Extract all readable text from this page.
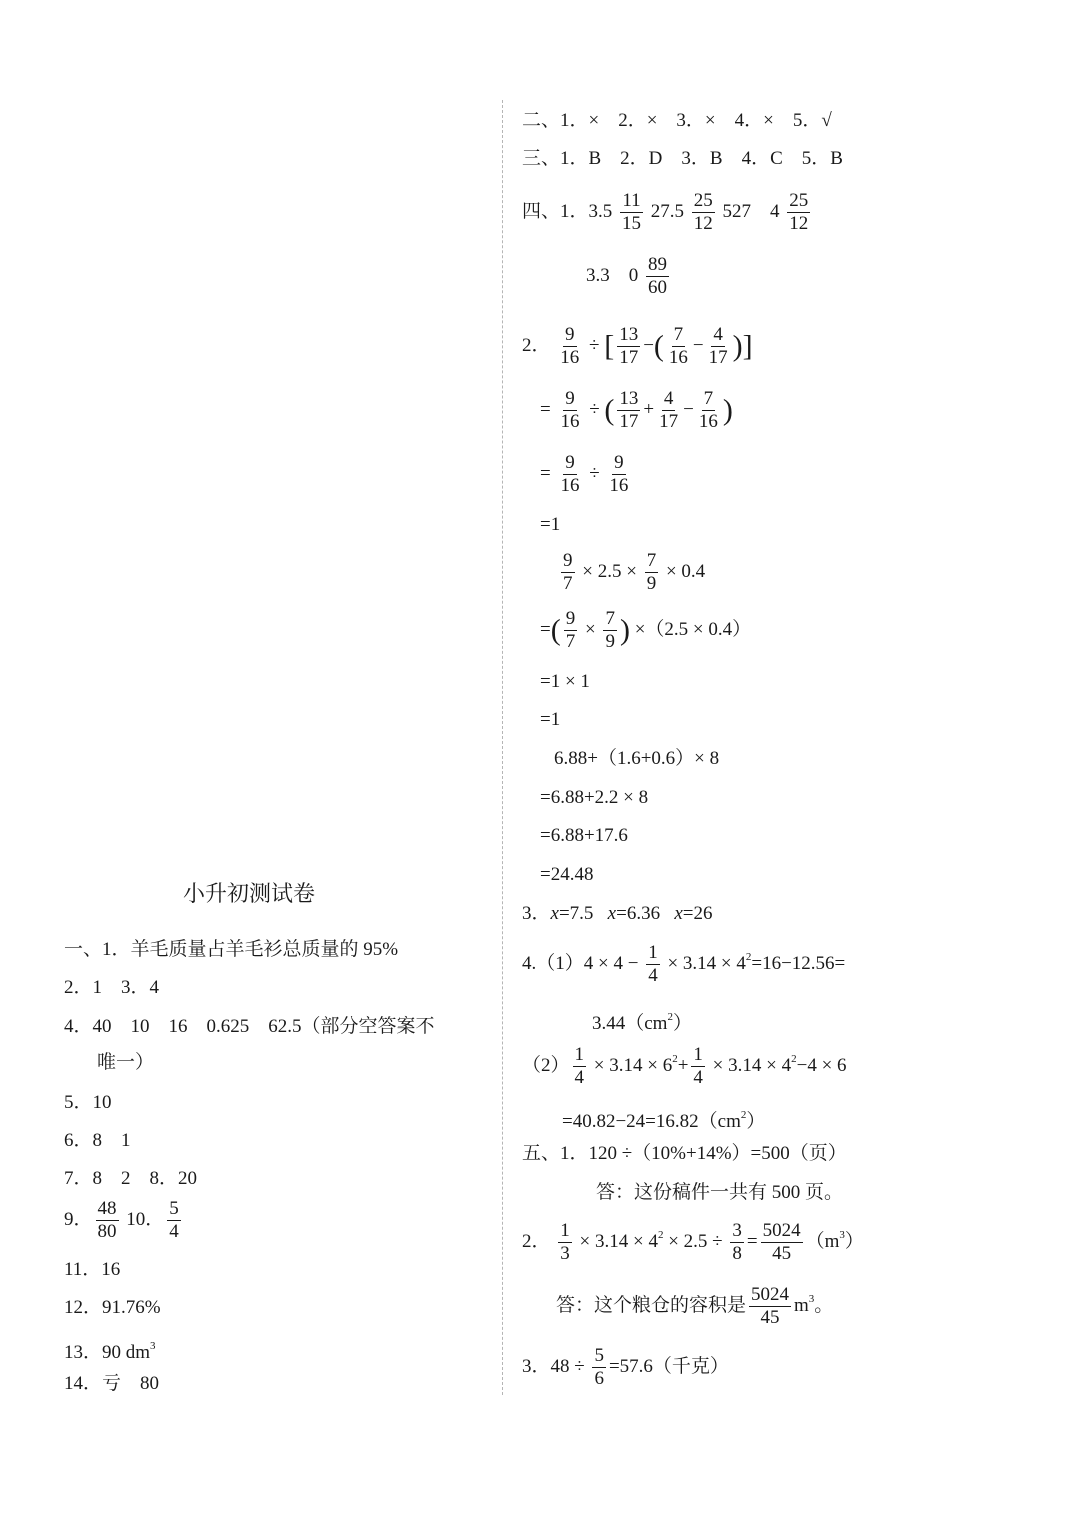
小升初测试卷
一、1．羊毛质量占羊毛衫总质量的 95%
2．1　3．4
4．40　10　16　0.625　62.5（部分空答案不
唯一）
5．10
6．8　1
7．8　2　8．20
9． $\frac{48}{80} 10$． $\frac{5}{4}$
11．16
12．91.76%
13．90 $dm^3$
14．亏　80
二、1．×　2．×　3．×　4．×　5．√
三、1．B　2．D　3．B　4．C　5．B
四、1．$3.5 \frac{11}{15} 27.5 \frac{25}{12} 527$　$4 \frac{25}{12}$
3.3　$0 \frac{89}{60}$
2． $\frac{9}{16}$ ÷ [ $\frac{13}{17}$ −( $\frac{7}{16} - \frac{4}{17}$ )]
= $\frac{9}{16}$ ÷ ( $\frac{13}{17} + \frac{4}{17} - \frac{7}{16}$ )
= $\frac{9}{16} \div \frac{9}{16}$
=1
$\frac{9}{7} \times 2.5 \times \frac{7}{9} \times 0.4$
=( $\frac{9}{7} \times \frac{7}{9}$ ) ×（2.5 × 0.4）
=1 × 1
=1
6.88+（1.6+0.6）× 8
=6.88+2.2 × 8
=6.88+17.6
=24.48
3．x=7.5 x=6.36 x=26
$4.(1)4 \times 4 - \frac{1}{4} \times 3.14 \times 4^2=16-12.56=$
$3.44(cm^2)$
$(2) \frac{1}{4} \times 3.14 \times 6^2+ \frac{1}{4} \times 3.14 \times 4^2-4 \times 6$
$=40.82-24=16.82(cm^2)$
五、1．120 ÷（10%+14%）=500（页）
答：这份稿件一共有 500 页。
2． $\frac{1}{3} \times 3.14 \times 4^2 \times 2.5 \div \frac{3}{8} = \frac{5024}{45} (m^3)$
答：这个粮仓的容积是 $\frac{5024}{45} m^3$。
3．$48 \div \frac{5}{6} =57.6$（千克）
